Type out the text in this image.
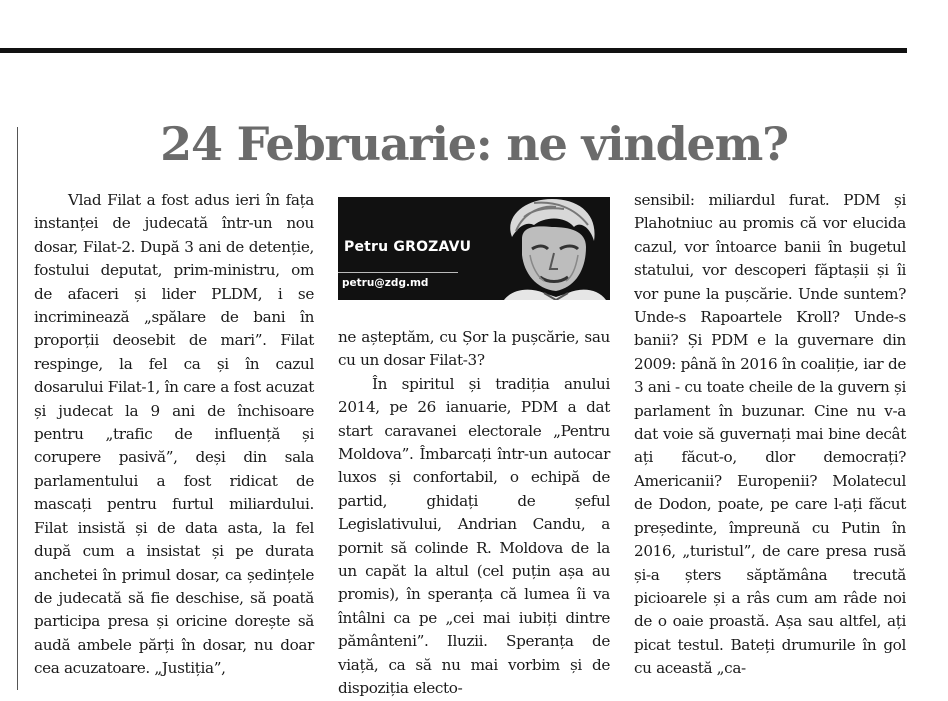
24 Februarie: ne vindem?

Vlad Filat a fost adus ieri în fața instanței de judecată într-un nou dosar, Filat-2. După 3 ani de detenție, fostului deputat, prim-ministru, om de afaceri și lider PLDM, i se incriminează „spălare de bani în proporții deosebit de mari”. Filat respinge, la fel ca și în cazul dosarului Filat-1, în care a fost acuzat și judecat la 9 ani de închisoare pentru „trafic de influență și corupere pasivă”, deși din sala parlamentului a fost ridicat de mascați pentru furtul miliardului. Filat insistă și de data asta, la fel după cum a insistat și pe durata anchetei în primul dosar, ca ședințele de judecată să fie deschise, să poată participa presa și oricine dorește să audă ambele părți în dosar, nu doar cea acuzatoare. „Justiția”,

Petru GROZAVU
petru@zdg.md

ne așteptăm, cu Șor la pușcărie, sau cu un dosar Filat-3?

În spiritul și tradiția anului 2014, pe 26 ianuarie, PDM a dat start caravanei electorale „Pentru Moldova”. Îmbarcați într-un autocar luxos și confortabil, o echipă de partid, ghidați de șeful Legislativului, Andrian Candu, a pornit să colinde R. Moldova de la un capăt la altul (cel puțin așa au promis), în speranța că lumea îi va întâlni ca pe „cei mai iubiți dintre pământeni”. Iluzii. Speranța de viață, ca să nu mai vorbim și de dispoziția electo-

sensibil: miliardul furat. PDM și Plahotniuc au promis că vor elucida cazul, vor întoarce banii în bugetul statului, vor descoperi făptașii și îi vor pune la pușcărie. Unde suntem? Unde-s Rapoartele Kroll? Unde-s banii? Și PDM e la guvernare din 2009: până în 2016 în coaliție, iar de 3 ani - cu toate cheile de la guvern și parlament în buzunar. Cine nu v-a dat voie să guvernați mai bine decât ați făcut-o, dlor democrați? Americanii? Europenii? Molatecul de Dodon, poate, pe care l-ați făcut președinte, împreună cu Putin în 2016, „turistul”, de care presa rusă și-a șters săptămâna trecută picioarele și a râs cum am râde noi de o oaie proastă. Așa sau altfel, ați picat testul. Bateți drumurile în gol cu această „ca-
